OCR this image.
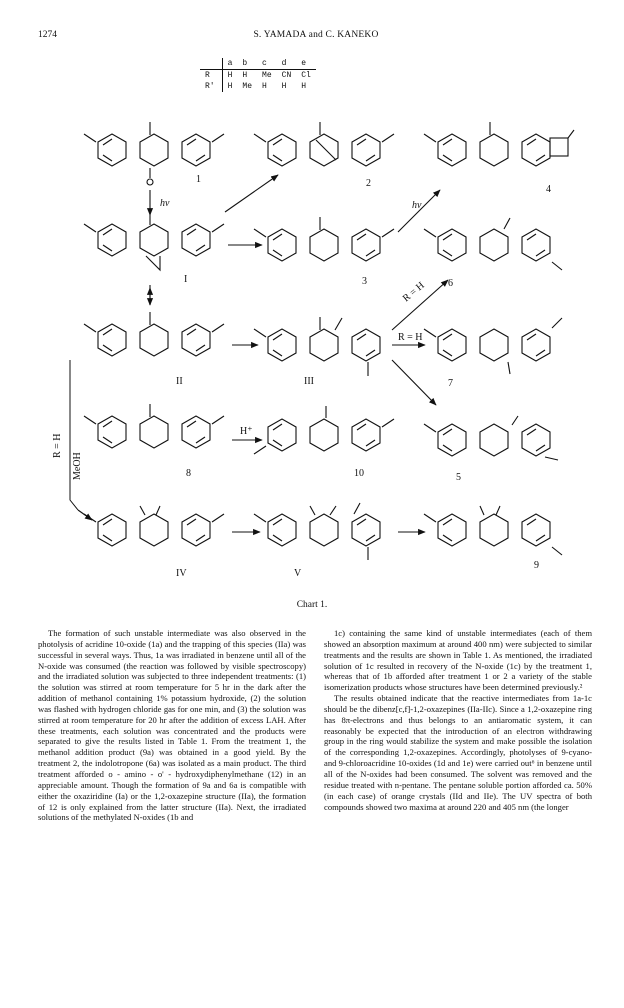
1274	S. YAMADA and C. KANEKO
	a	b	c	d	e
R	H	H	Me	CN	Cl
R'	H	Me	H	H	H
1	2
3
4
5
6
7
8
9
10
I
II	III
IV	V
hν	hν
R = H
R = H
H⁺
R = H
MeOH
Chart 1.

The formation of such unstable intermediate was also observed in the photolysis of acridine 10-oxide (1a) and the trapping of this species (IIa) was successful in several ways. Thus, 1a was irradiated in benzene until all of the N-oxide was consumed (the reaction was followed by visible spectroscopy) and the irradiated solution was subjected to three independent treatments: (1) the solution was stirred at room temperature for 5 hr in the dark after the addition of methanol containing 1% potassium hydroxide, (2) the solution was flashed with hydrogen chloride gas for one min, and (3) the solution was stirred at room temperature for 20 hr after the addition of excess LAH. After these treatments, each solution was concentrated and the products were separated to give the results listed in Table 1. From the treatment 1, the methanol addition product (9a) was obtained in a good yield. By the treatment 2, the indolotropone (6a) was isolated as a main product. The third treatment afforded o - amino - o' - hydroxydiphenylmethane (12) in an appreciable amount. Though the formation of 9a and 6a is compatible with either the oxaziridine (Ia) or the 1,2-oxazepine structure (IIa), the formation of 12 is only explained from the latter structure (IIa). Next, the irradiated solutions of the methylated N-oxides (1b and

1c) containing the same kind of unstable intermediates (each of them showed an absorption maximum at around 400 nm) were subjected to similar treatments and the results are shown in Table 1. As mentioned, the irradiated solution of 1c resulted in recovery of the N-oxide (1c) by the treatment 1, whereas that of 1b afforded after treatment 1 or 2 a variety of the stable isomerization products whose structures have been determined previously.²

The results obtained indicate that the reactive intermediates from 1a-1c should be the dibenz[c,f]-1,2-oxazepines (IIa-IIc). Since a 1,2-oxazepine ring has 8π-electrons and thus belongs to an antiaromatic system, it can reasonably be expected that the introduction of an electron withdrawing group in the ring would stabilize the system and make possible the isolation of the corresponding 1,2-oxazepines. Accordingly, photolyses of 9-cyano- and 9-chloroacridine 10-oxides (1d and 1e) were carried out⁶ in benzene until all of the N-oxides had been consumed. The solvent was removed and the residue treated with n-pentane. The pentane soluble portion afforded ca. 50% (in each case) of orange crystals (IId and IIe). The UV spectra of both compounds showed two maxima at around 220 and 405 nm (the longer
